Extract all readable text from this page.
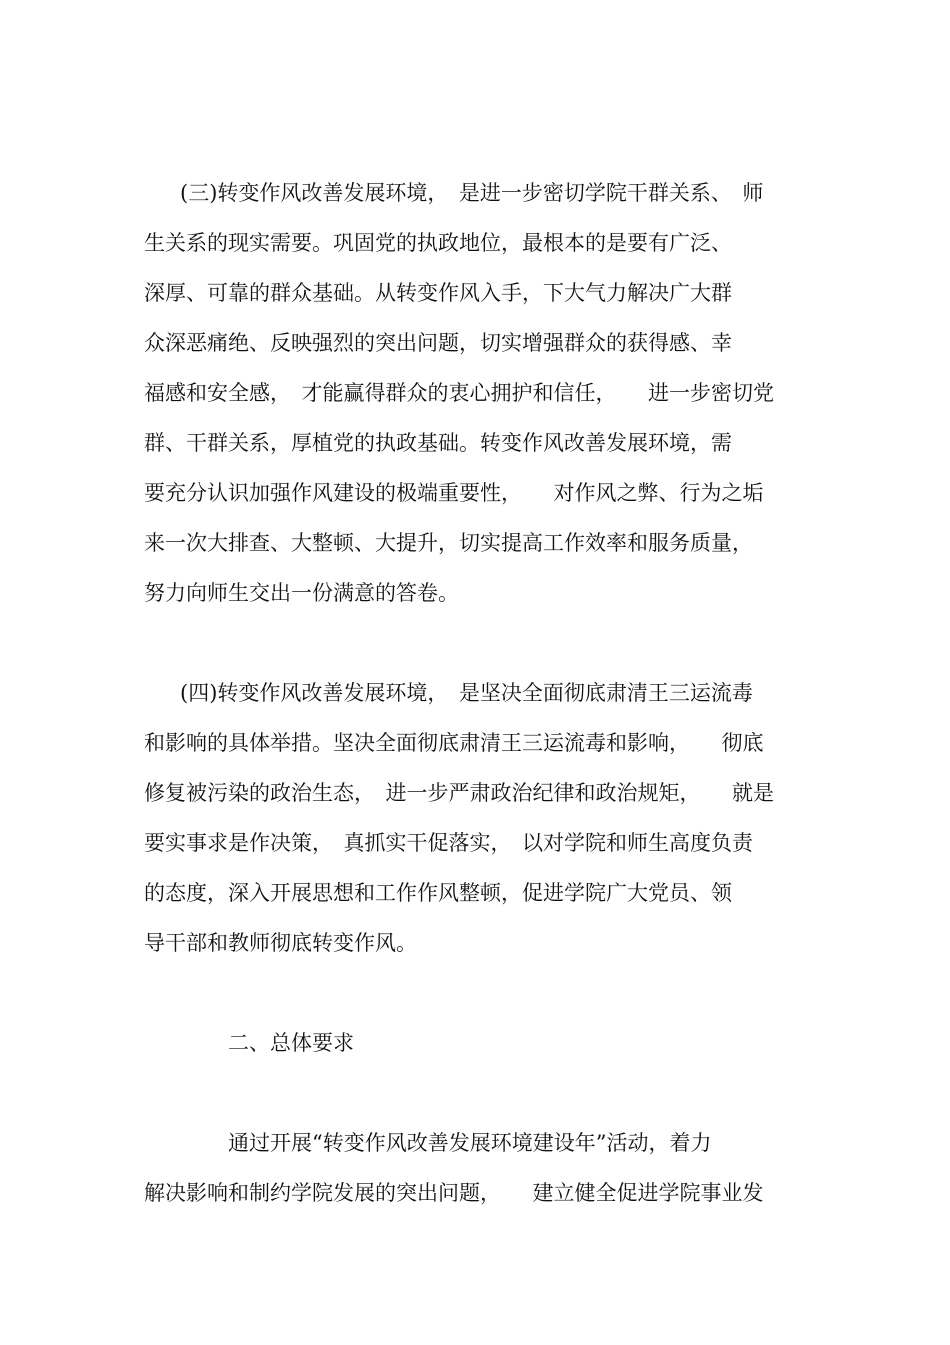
(三)转变作风改善发展环境，　是进一步密切学院干群关系、　师
生关系的现实需要。巩固党的执政地位，最根本的是要有广泛、
深厚、可靠的群众基础。从转变作风入手，下大气力解决广大群
众深恶痛绝、反映强烈的突出问题，切实增强群众的获得感、幸
福感和安全感，　才能赢得群众的衷心拥护和信任，　　进一步密切党
群、干群关系，厚植党的执政基础。转变作风改善发展环境，需
要充分认识加强作风建设的极端重要性，　　对作风之弊、行为之垢
来一次大排查、大整顿、大提升，切实提高工作效率和服务质量，
努力向师生交出一份满意的答卷。
(四)转变作风改善发展环境，　是坚决全面彻底肃清王三运流毒
和影响的具体举措。坚决全面彻底肃清王三运流毒和影响，　　彻底
修复被污染的政治生态，　进一步严肃政治纪律和政治规矩，　　就是
要实事求是作决策，　真抓实干促落实，　以对学院和师生高度负责
的态度，深入开展思想和工作作风整顿，促进学院广大党员、领
导干部和教师彻底转变作风。
二、总体要求
通过开展“转变作风改善发展环境建设年”活动，着力
解决影响和制约学院发展的突出问题，　　建立健全促进学院事业发
